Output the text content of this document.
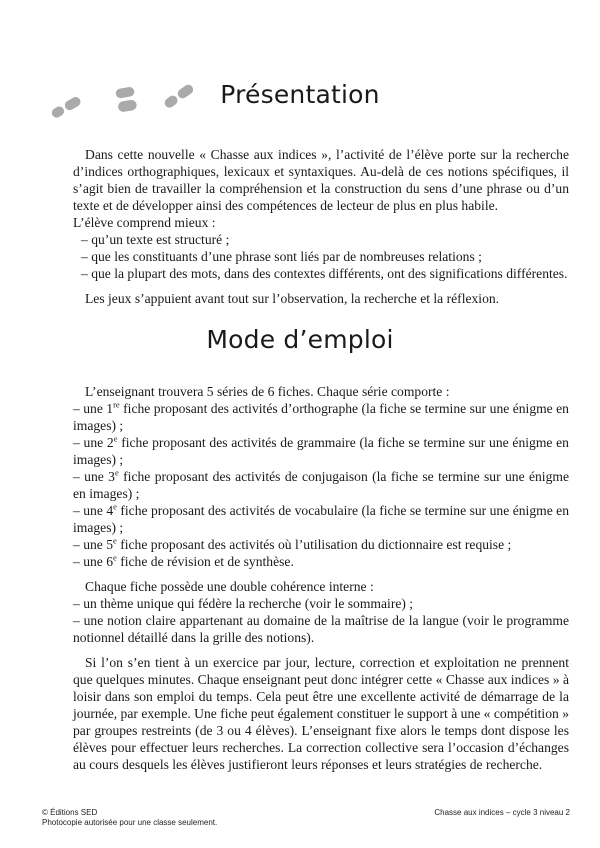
Présentation

Dans cette nouvelle « Chasse aux indices », l’activité de l’élève porte sur la recherche d’indices orthographiques, lexicaux et syntaxiques. Au-delà de ces notions spécifiques, il s’agit bien de travailler la compréhension et la construction du sens d’une phrase ou d’un texte et de développer ainsi des compétences de lecteur de plus en plus habile.

L’élève comprend mieux :
– qu’un texte est structuré ;
– que les constituants d’une phrase sont liés par de nombreuses relations ;

– que la plupart des mots, dans des contextes différents, ont des significations différentes.

Les jeux s’appuient avant tout sur l’observation, la recherche et la réflexion.

Mode d’emploi
L’enseignant trouvera 5 séries de 6 fiches. Chaque série comporte :
– une 1re fiche proposant des activités d’orthographe (la fiche se termine sur une énigme en images) ;
– une 2e fiche proposant des activités de grammaire (la fiche se termine sur une énigme en images) ;
– une 3e fiche proposant des activités de conjugaison (la fiche se termine sur une énigme en images) ;
– une 4e fiche proposant des activités de vocabulaire (la fiche se termine sur une énigme en images) ;
– une 5e fiche proposant des activités où l’utilisation du dictionnaire est requise ;

– une 6e fiche de révision et de synthèse.

Chaque fiche possède une double cohérence interne :
– un thème unique qui fédère la recherche (voir le sommaire) ;

– une notion claire appartenant au domaine de la maîtrise de la langue (voir le programme notionnel détaillé dans la grille des notions).

Si l’on s’en tient à un exercice par jour, lecture, correction et exploitation ne prennent que quelques minutes. Chaque enseignant peut donc intégrer cette « Chasse aux indices » à loisir dans son emploi du temps. Cela peut être une excellente activité de démarrage de la journée, par exemple. Une fiche peut également constituer le support à une « compétition » par groupes restreints (de 3 ou 4 élèves). L’enseignant fixe alors le temps dont dispose les élèves pour effectuer leurs recherches. La correction collective sera l’occasion d’échanges au cours desquels les élèves justifieront leurs réponses et leurs stratégies de recherche.

© Éditions SED
Photocopie autorisée pour une classe seulement.
Chasse aux indices – cycle 3 niveau 2
